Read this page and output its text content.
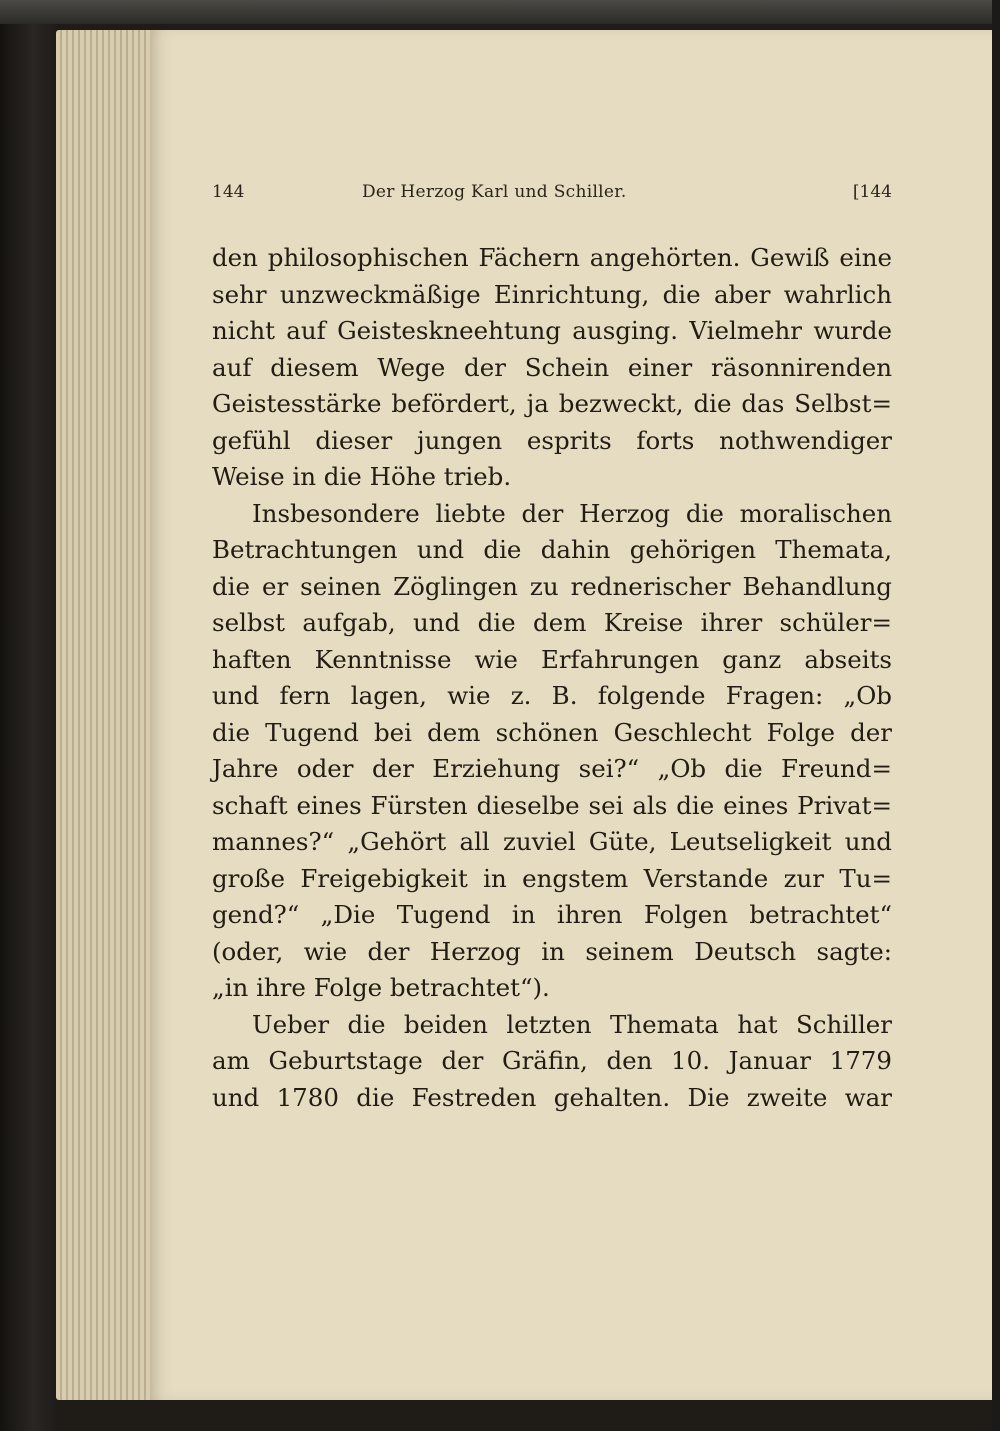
144	Der Herzog Karl und Schiller.	[144
den philosophischen Fächern angehörten. Gewiß eine
sehr unzweckmäßige Einrichtung, die aber wahrlich
nicht auf Geisteskneehtung ausging. Vielmehr wurde
auf diesem Wege der Schein einer räsonnirenden
Geistesstärke befördert, ja bezweckt, die das Selbst=
gefühl dieser jungen esprits forts nothwendiger
Weise in die Höhe trieb.
Insbesondere liebte der Herzog die moralischen
Betrachtungen und die dahin gehörigen Themata,
die er seinen Zöglingen zu rednerischer Behandlung
selbst aufgab, und die dem Kreise ihrer schüler=
haften Kenntnisse wie Erfahrungen ganz abseits
und fern lagen, wie z. B. folgende Fragen: „Ob
die Tugend bei dem schönen Geschlecht Folge der
Jahre oder der Erziehung sei?“ „Ob die Freund=
schaft eines Fürsten dieselbe sei als die eines Privat=
mannes?“ „Gehört all zuviel Güte, Leutseligkeit und
große Freigebigkeit in engstem Verstande zur Tu=
gend?“ „Die Tugend in ihren Folgen betrachtet“
(oder, wie der Herzog in seinem Deutsch sagte:
„in ihre Folge betrachtet“).
Ueber die beiden letzten Themata hat Schiller
am Geburtstage der Gräfin, den 10. Januar 1779
und 1780 die Festreden gehalten. Die zweite war
